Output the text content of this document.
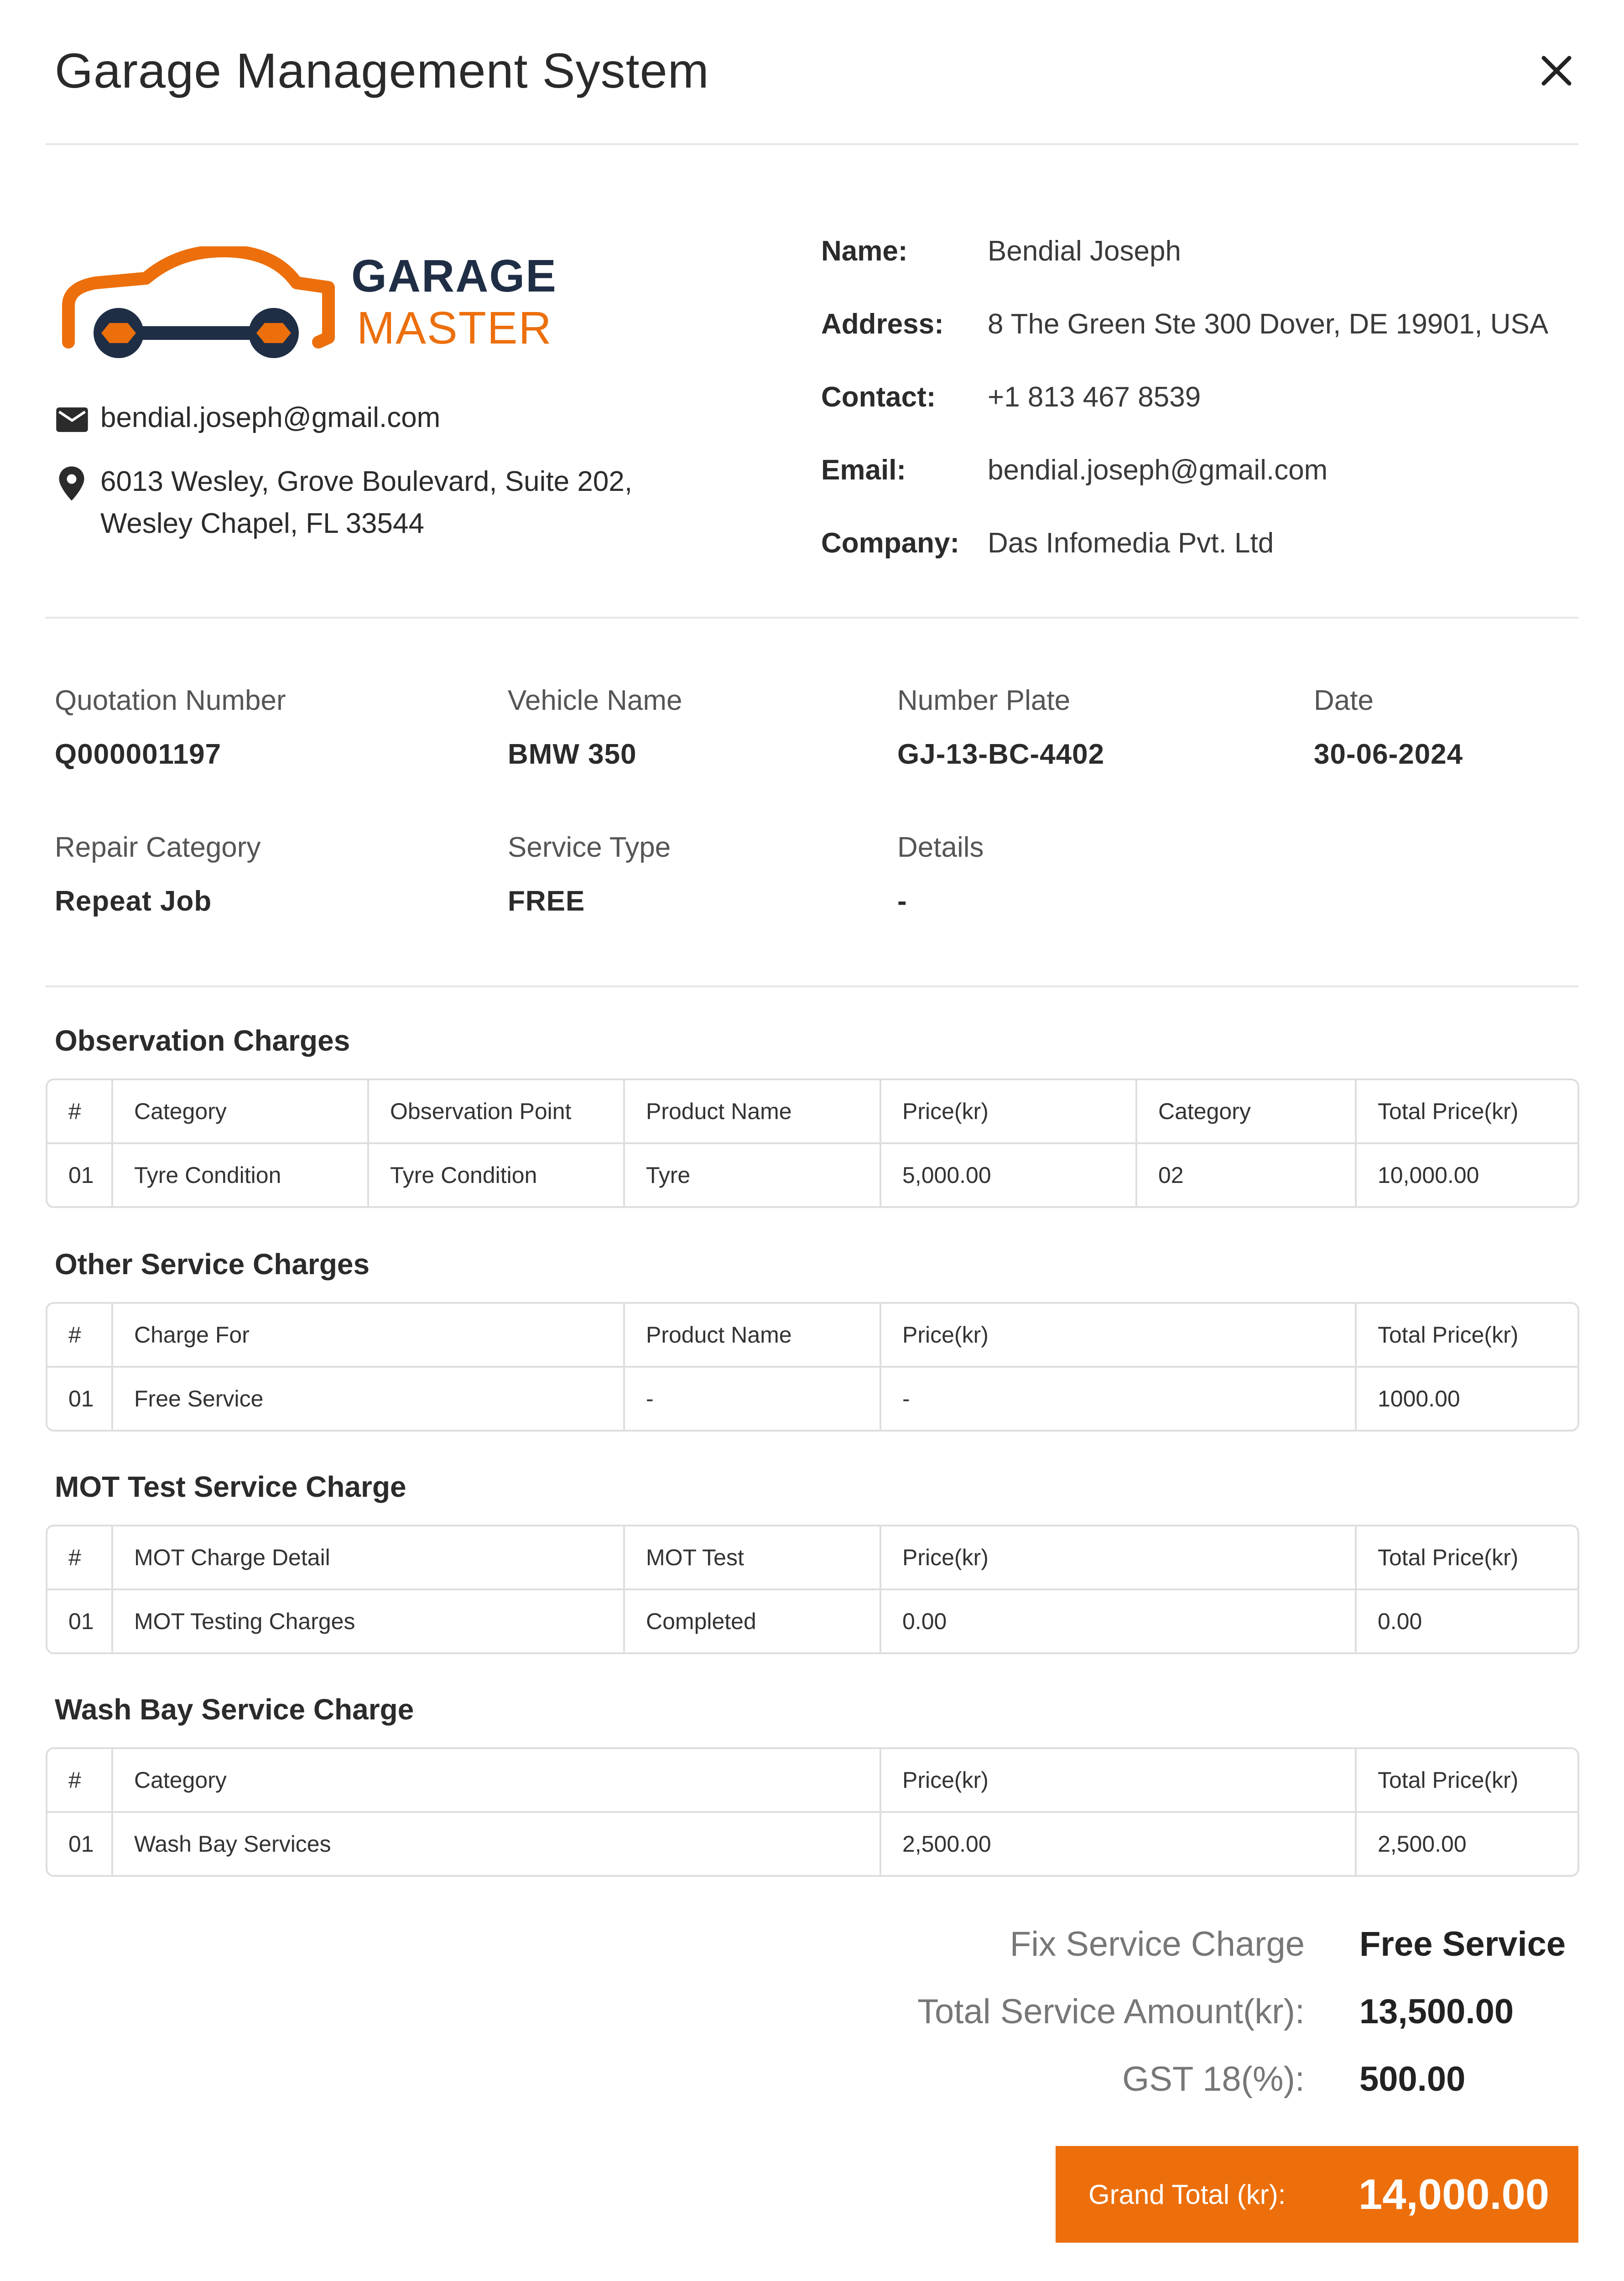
Garage Management System
GARAGE
MASTER
bendial.joseph@gmail.com
6013 Wesley, Grove Boulevard, Suite 202,
Wesley Chapel, FL 33544
Name:	Bendial Joseph
Address: 8 The Green Ste 300 Dover, DE 19901, USA
Contact: +1 813 467 8539
Email:	bendial.joseph@gmail.com
Company: Das Infomedia Pvt. Ltd
Quotation Number
Q000001197
Vehicle Name
BMW 350
Number Plate
GJ-13-BC-4402
Date
30-06-2024
Repair Category
Repeat Job
Service Type
FREE
Details
-
Observation Charges
#	Category	Observation Point	Product Name	Price(kr)	Category	Total Price(kr)
01	Tyre Condition	Tyre Condition	Tyre	5,000.00	02	10,000.00
Other Service Charges
#	Charge For	Product Name	Price(kr)	Total Price(kr)
01	Free Service	-	-	1000.00
MOT Test Service Charge
#	MOT Charge Detail	MOT Test	Price(kr)	Total Price(kr)
01	MOT Testing Charges	Completed	0.00	0.00
Wash Bay Service Charge
#	Category	Price(kr)	Total Price(kr)
01	Wash Bay Services	2,500.00	2,500.00
Fix Service Charge Free Service
Total Service Amount(kr): 13,500.00
GST 18(%): 500.00
Grand Total (kr): 14,000.00
